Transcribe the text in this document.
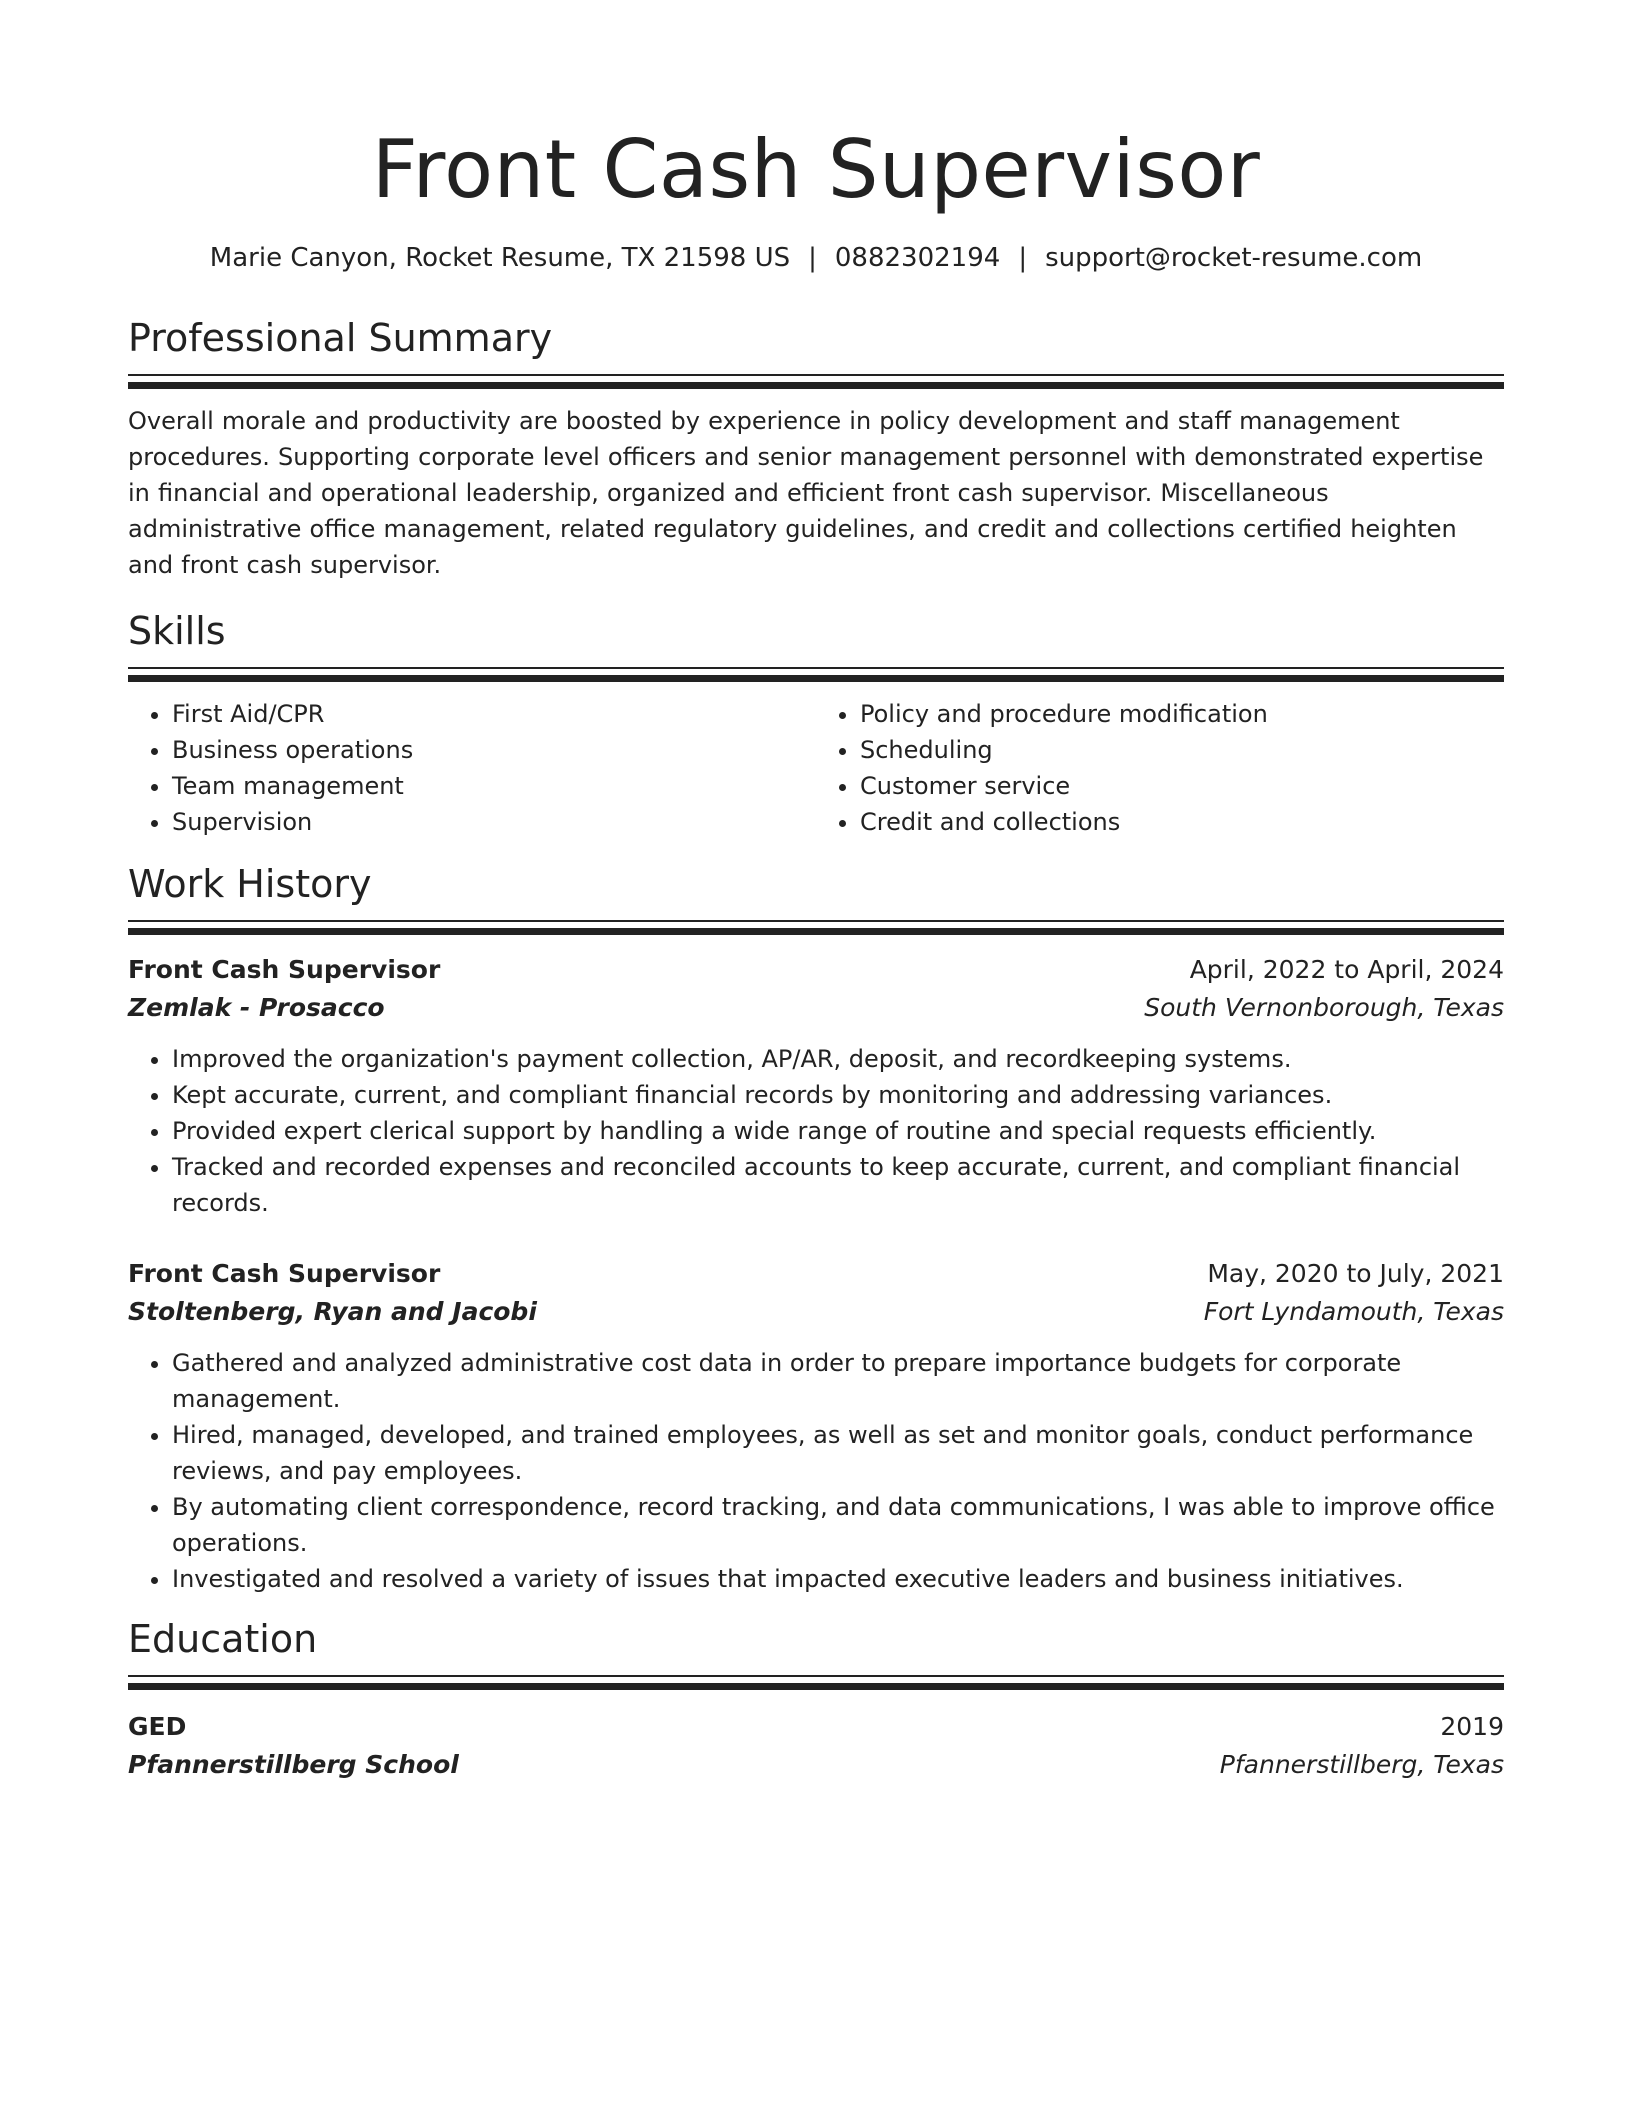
Front Cash Supervisor
Marie Canyon, Rocket Resume, TX 21598 US | 0882302194 | support@rocket-resume.com
Professional Summary

Overall morale and productivity are boosted by experience in policy development and staff management procedures. Supporting corporate level officers and senior management personnel with demonstrated expertise in financial and operational leadership, organized and efficient front cash supervisor. Miscellaneous administrative office management, related regulatory guidelines, and credit and collections certified heighten and front cash supervisor.

Skills
• First Aid/CPR
• Business operations
• Team management
• Supervision
• Policy and procedure modification
• Scheduling
• Customer service
• Credit and collections
Work History
Front Cash Supervisor	April, 2022 to April, 2024
Zemlak - Prosacco	South Vernonborough, Texas
• Improved the organization's payment collection, AP/AR, deposit, and recordkeeping systems.
• Kept accurate, current, and compliant financial records by monitoring and addressing variances.
• Provided expert clerical support by handling a wide range of routine and special requests efficiently.
• Tracked and recorded expenses and reconciled accounts to keep accurate, current, and compliant financial records.
Front Cash Supervisor	May, 2020 to July, 2021
Stoltenberg, Ryan and Jacobi	Fort Lyndamouth, Texas
• Gathered and analyzed administrative cost data in order to prepare importance budgets for corporate management.
• Hired, managed, developed, and trained employees, as well as set and monitor goals, conduct performance reviews, and pay employees.
• By automating client correspondence, record tracking, and data communications, I was able to improve office operations.
• Investigated and resolved a variety of issues that impacted executive leaders and business initiatives.
Education
GED	2019
Pfannerstillberg School	Pfannerstillberg, Texas
